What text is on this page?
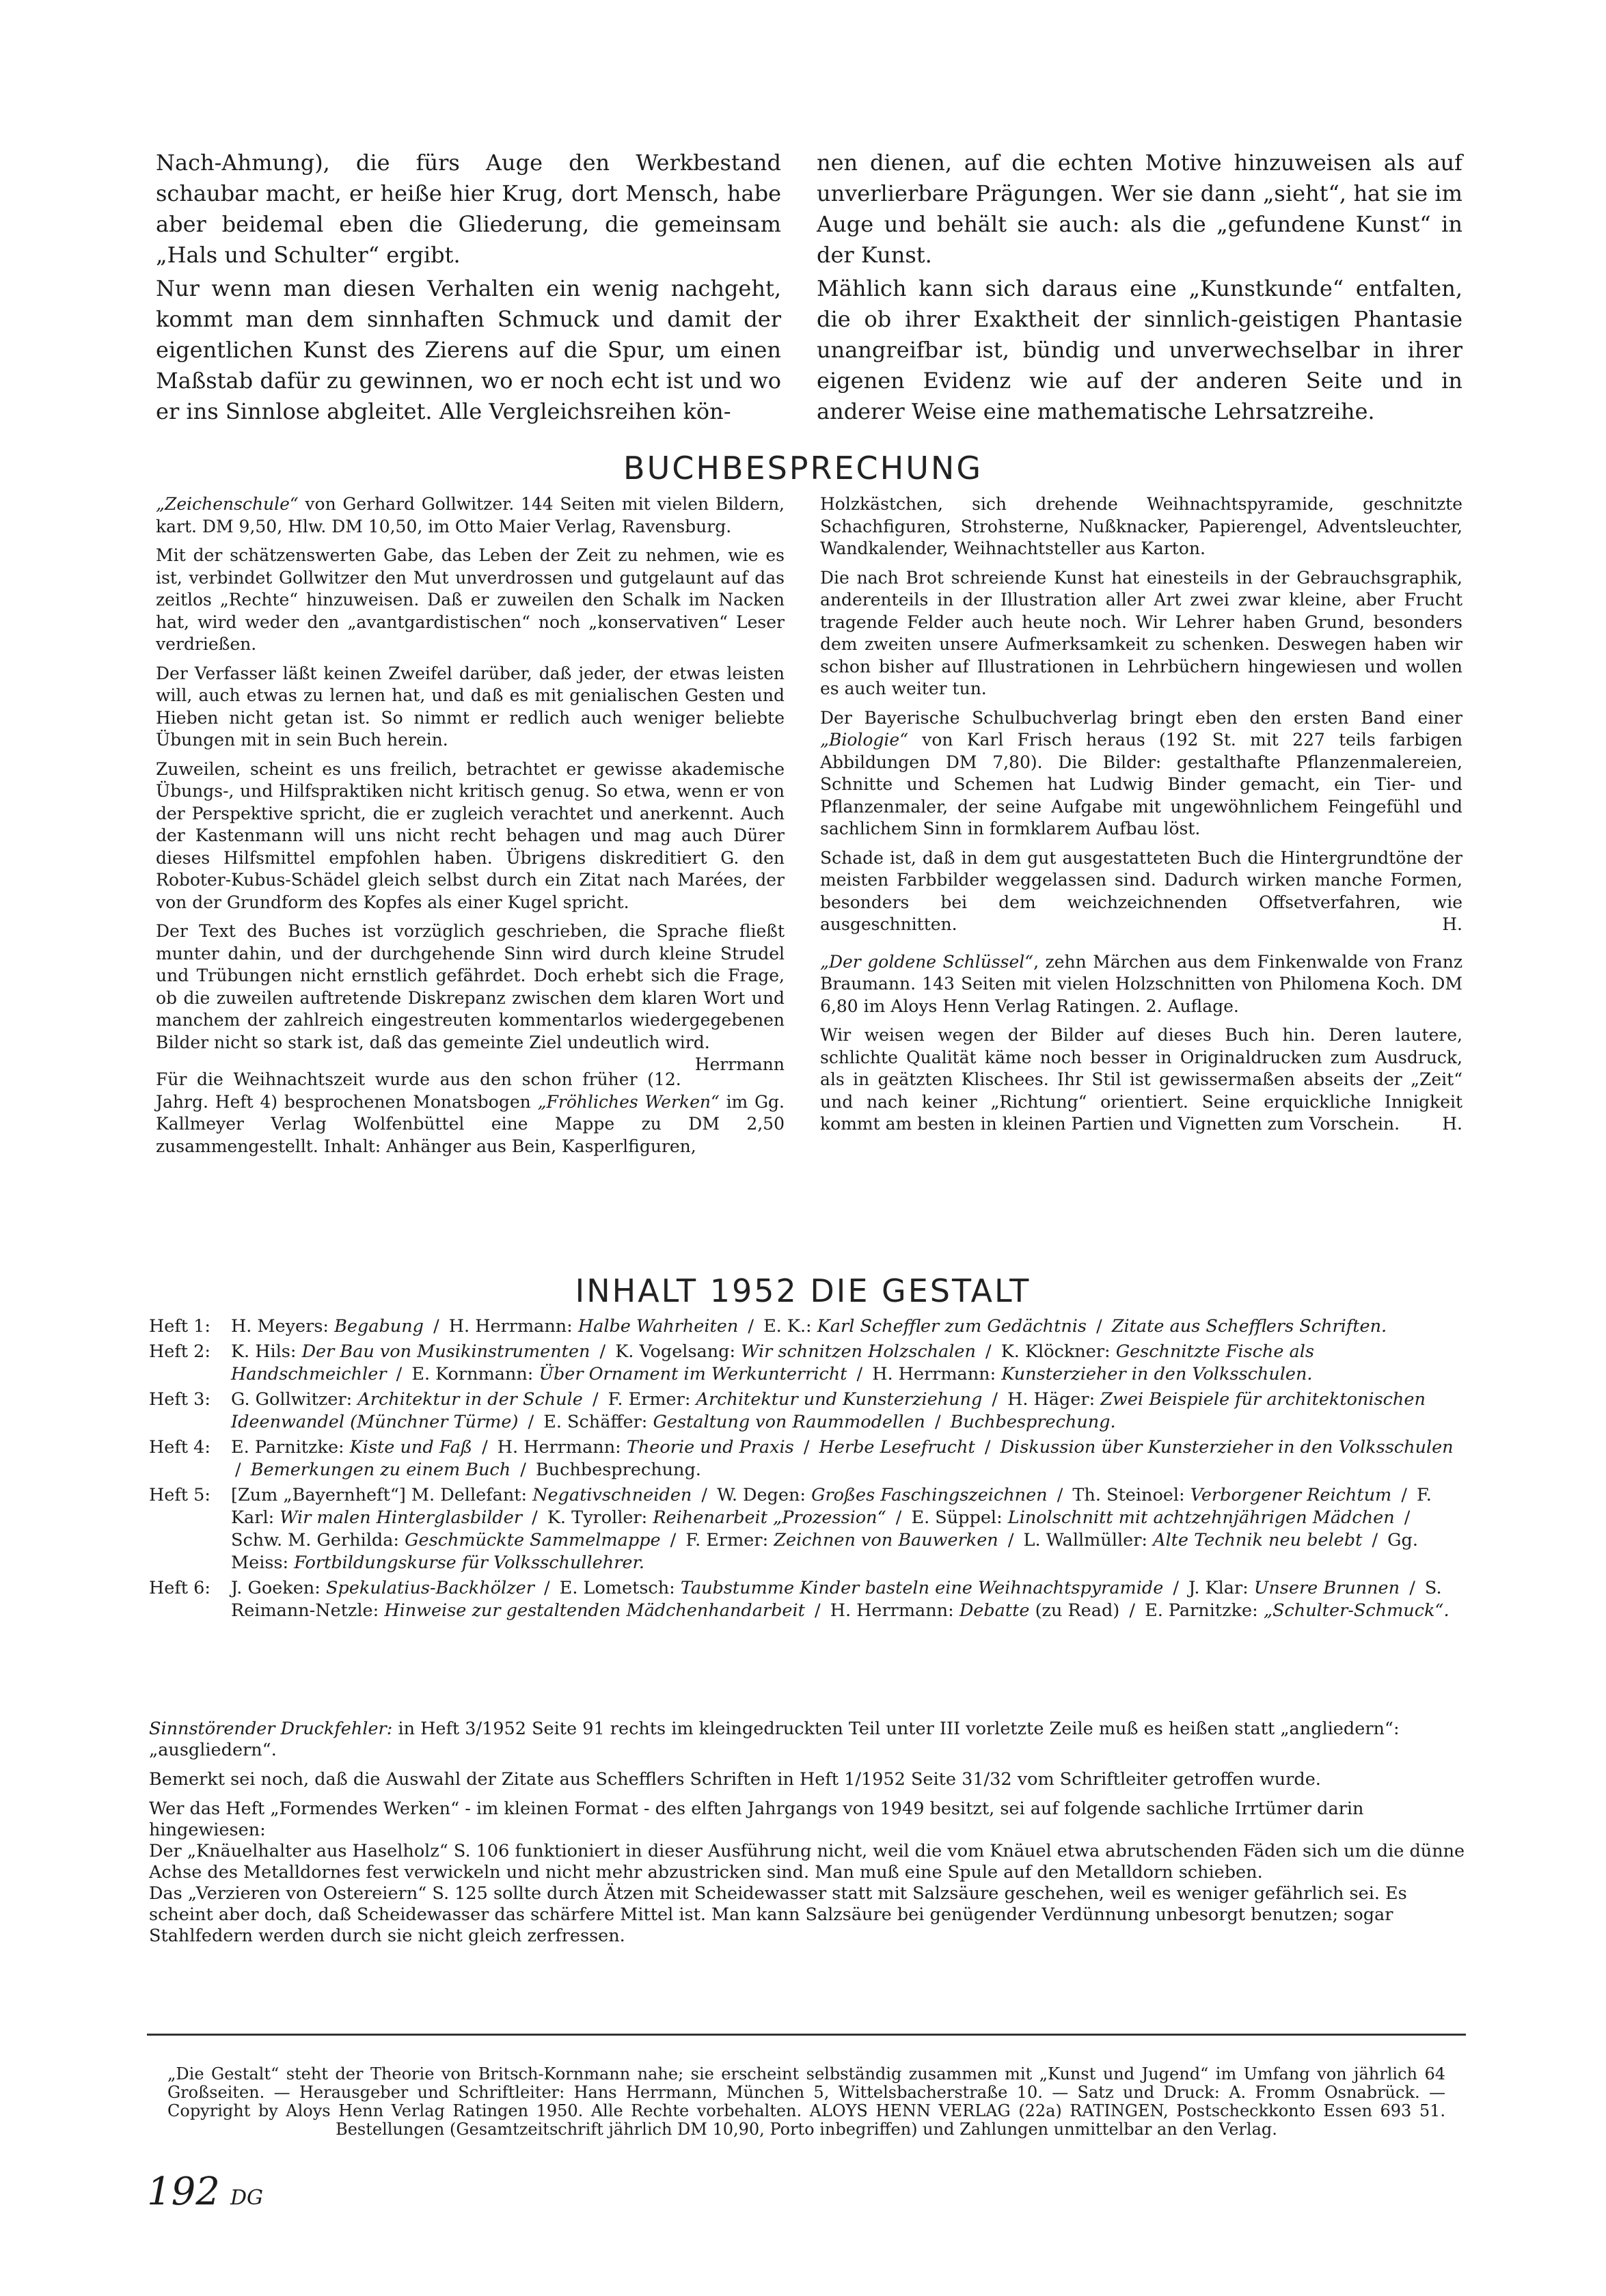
Nach-Ahmung), die fürs Auge den Werkbestand schaubar macht, er heiße hier Krug, dort Mensch, habe aber beidemal eben die Gliederung, die gemeinsam „Hals und Schulter“ ergibt.

Nur wenn man diesen Verhalten ein wenig nachgeht, kommt man dem sinnhaften Schmuck und damit der eigentlichen Kunst des Zierens auf die Spur, um einen Maßstab dafür zu gewinnen, wo er noch echt ist und wo er ins Sinnlose abgleitet. Alle Vergleichsreihen kön-

nen dienen, auf die echten Motive hinzuweisen als auf unverlierbare Prägungen. Wer sie dann „sieht“, hat sie im Auge und behält sie auch: als die „gefundene Kunst“ in der Kunst.

Mählich kann sich daraus eine „Kunstkunde“ entfalten, die ob ihrer Exaktheit der sinnlich-geistigen Phantasie unangreifbar ist, bündig und unverwechselbar in ihrer eigenen Evidenz wie auf der anderen Seite und in anderer Weise eine mathematische Lehrsatzreihe.

BUCHBESPRECHUNG

„Zeichenschule“ von Gerhard Gollwitzer. 144 Seiten mit vielen Bildern, kart. DM 9,50, Hlw. DM 10,50, im Otto Maier Verlag, Ravensburg.

Mit der schätzenswerten Gabe, das Leben der Zeit zu nehmen, wie es ist, verbindet Gollwitzer den Mut unverdrossen und gutgelaunt auf das zeitlos „Rechte“ hinzuweisen. Daß er zuweilen den Schalk im Nacken hat, wird weder den „avantgardistischen“ noch „konservativen“ Leser verdrießen.

Der Verfasser läßt keinen Zweifel darüber, daß jeder, der etwas leisten will, auch etwas zu lernen hat, und daß es mit genialischen Gesten und Hieben nicht getan ist. So nimmt er redlich auch weniger beliebte Übungen mit in sein Buch herein.

Zuweilen, scheint es uns freilich, betrachtet er gewisse akademische Übungs-, und Hilfspraktiken nicht kritisch genug. So etwa, wenn er von der Perspektive spricht, die er zugleich verachtet und anerkennt. Auch der Kastenmann will uns nicht recht behagen und mag auch Dürer dieses Hilfsmittel empfohlen haben. Übrigens diskreditiert G. den Roboter-Kubus-Schädel gleich selbst durch ein Zitat nach Marées, der von der Grundform des Kopfes als einer Kugel spricht.

Der Text des Buches ist vorzüglich geschrieben, die Sprache fließt munter dahin, und der durchgehende Sinn wird durch kleine Strudel und Trübungen nicht ernstlich gefährdet. Doch erhebt sich die Frage, ob die zuweilen auftretende Diskrepanz zwischen dem klaren Wort und manchem der zahlreich eingestreuten kommentarlos wiedergegebenen Bilder nicht so stark ist, daß das gemeinte Ziel undeutlich wird.
Herrmann

Für die Weihnachtszeit wurde aus den schon früher (12. Jahrg. Heft 4) besprochenen Monatsbogen „Fröhliches Werken“ im Gg. Kallmeyer Verlag Wolfenbüttel eine Mappe zu DM 2,50 zusammengestellt. Inhalt: Anhänger aus Bein, Kasperlfiguren,

Holzkästchen, sich drehende Weihnachtspyramide, geschnitzte Schachfiguren, Strohsterne, Nußknacker, Papierengel, Adventsleuchter, Wandkalender, Weihnachtsteller aus Karton.

Die nach Brot schreiende Kunst hat einesteils in der Gebrauchsgraphik, anderenteils in der Illustration aller Art zwei zwar kleine, aber Frucht tragende Felder auch heute noch. Wir Lehrer haben Grund, besonders dem zweiten unsere Aufmerksamkeit zu schenken. Deswegen haben wir schon bisher auf Illustrationen in Lehrbüchern hingewiesen und wollen es auch weiter tun.

Der Bayerische Schulbuchverlag bringt eben den ersten Band einer „Biologie“ von Karl Frisch heraus (192 St. mit 227 teils farbigen Abbildungen DM 7,80). Die Bilder: gestalthafte Pflanzenmalereien, Schnitte und Schemen hat Ludwig Binder gemacht, ein Tier- und Pflanzenmaler, der seine Aufgabe mit ungewöhnlichem Feingefühl und sachlichem Sinn in formklarem Aufbau löst.

Schade ist, daß in dem gut ausgestatteten Buch die Hintergrundtöne der meisten Farbbilder weggelassen sind. Dadurch wirken manche Formen, besonders bei dem weichzeichnenden Offsetverfahren, wie ausgeschnitten.	H.

„Der goldene Schlüssel“, zehn Märchen aus dem Finkenwalde von Franz Braumann. 143 Seiten mit vielen Holzschnitten von Philomena Koch. DM 6,80 im Aloys Henn Verlag Ratingen. 2. Auflage.

Wir weisen wegen der Bilder auf dieses Buch hin. Deren lautere, schlichte Qualität käme noch besser in Originaldrucken zum Ausdruck, als in geätzten Klischees. Ihr Stil ist gewissermaßen abseits der „Zeit“ und nach keiner „Richtung“ orientiert. Seine erquickliche Innigkeit kommt am besten in kleinen Partien und Vignetten zum Vorschein.	H.

INHALT 1952 DIE GESTALT
Heft 1:	H. Meyers: Begabung / H. Herrmann: Halbe Wahrheiten / E. K.: Karl Scheffler zum Gedächtnis / Zitate aus Schefflers Schriften.
Heft 2:	K. Hils: Der Bau von Musikinstrumenten / K. Vogelsang: Wir schnitzen Holzschalen / K. Klöckner: Geschnitzte Fische als Handschmeichler / E. Kornmann: Über Ornament im Werkunterricht / H. Herrmann: Kunsterzieher in den Volksschulen.
Heft 3:	G. Gollwitzer: Architektur in der Schule / F. Ermer: Architektur und Kunsterziehung / H. Häger: Zwei Beispiele für architektonischen Ideenwandel (Münchner Türme) / E. Schäffer: Gestaltung von Raummodellen / Buchbesprechung.
Heft 4:	E. Parnitzke: Kiste und Faß / H. Herrmann: Theorie und Praxis / Herbe Lesefrucht / Diskussion über Kunsterzieher in den Volksschulen / Bemerkungen zu einem Buch / Buchbesprechung.
Heft 5:	[Zum „Bayernheft“] M. Dellefant: Negativschneiden / W. Degen: Großes Faschingszeichnen / Th. Steinoel: Verborgener Reichtum / F. Karl: Wir malen Hinterglasbilder / K. Tyroller: Reihenarbeit „Prozession“ / E. Süppel: Linolschnitt mit achtzehnjährigen Mädchen / Schw. M. Gerhilda: Geschmückte Sammelmappe / F. Ermer: Zeichnen von Bauwerken / L. Wallmüller: Alte Technik neu belebt / Gg. Meiss: Fortbildungskurse für Volksschullehrer.
Heft 6:	J. Goeken: Spekulatius-Backhölzer / E. Lometsch: Taubstumme Kinder basteln eine Weihnachtspyramide / J. Klar: Unsere Brunnen / S. Reimann-Netzle: Hinweise zur gestaltenden Mädchenhandarbeit / H. Herrmann: Debatte (zu Read) / E. Parnitzke: „Schulter-Schmuck“.

Sinnstörender Druckfehler: in Heft 3/1952 Seite 91 rechts im kleingedruckten Teil unter III vorletzte Zeile muß es heißen statt „angliedern“: „ausgliedern“.

Bemerkt sei noch, daß die Auswahl der Zitate aus Schefflers Schriften in Heft 1/1952 Seite 31/32 vom Schriftleiter getroffen wurde.

Wer das Heft „Formendes Werken“ - im kleinen Format - des elften Jahrgangs von 1949 besitzt, sei auf folgende sachliche Irrtümer darin hingewiesen:

Der „Knäuelhalter aus Haselholz“ S. 106 funktioniert in dieser Ausführung nicht, weil die vom Knäuel etwa abrutschenden Fäden sich um die dünne Achse des Metalldornes fest verwickeln und nicht mehr abzustricken sind. Man muß eine Spule auf den Metalldorn schieben.

Das „Verzieren von Ostereiern“ S. 125 sollte durch Ätzen mit Scheidewasser statt mit Salzsäure geschehen, weil es weniger gefährlich sei. Es scheint aber doch, daß Scheidewasser das schärfere Mittel ist. Man kann Salzsäure bei genügender Verdünnung unbesorgt benutzen; sogar Stahlfedern werden durch sie nicht gleich zerfressen.

„Die Gestalt“ steht der Theorie von Britsch-Kornmann nahe; sie erscheint selbständig zusammen mit „Kunst und Jugend“ im Umfang von jährlich 64 Großseiten. — Herausgeber und Schriftleiter: Hans Herrmann, München 5, Wittelsbacherstraße 10. — Satz und Druck: A. Fromm Osnabrück. — Copyright by Aloys Henn Verlag Ratingen 1950. Alle Rechte vorbehalten. ALOYS HENN VERLAG (22a) RATINGEN, Postscheckkonto Essen 693 51. Bestellungen (Gesamtzeitschrift jährlich DM 10,90, Porto inbegriffen) und Zahlungen unmittelbar an den Verlag.
192 DG
